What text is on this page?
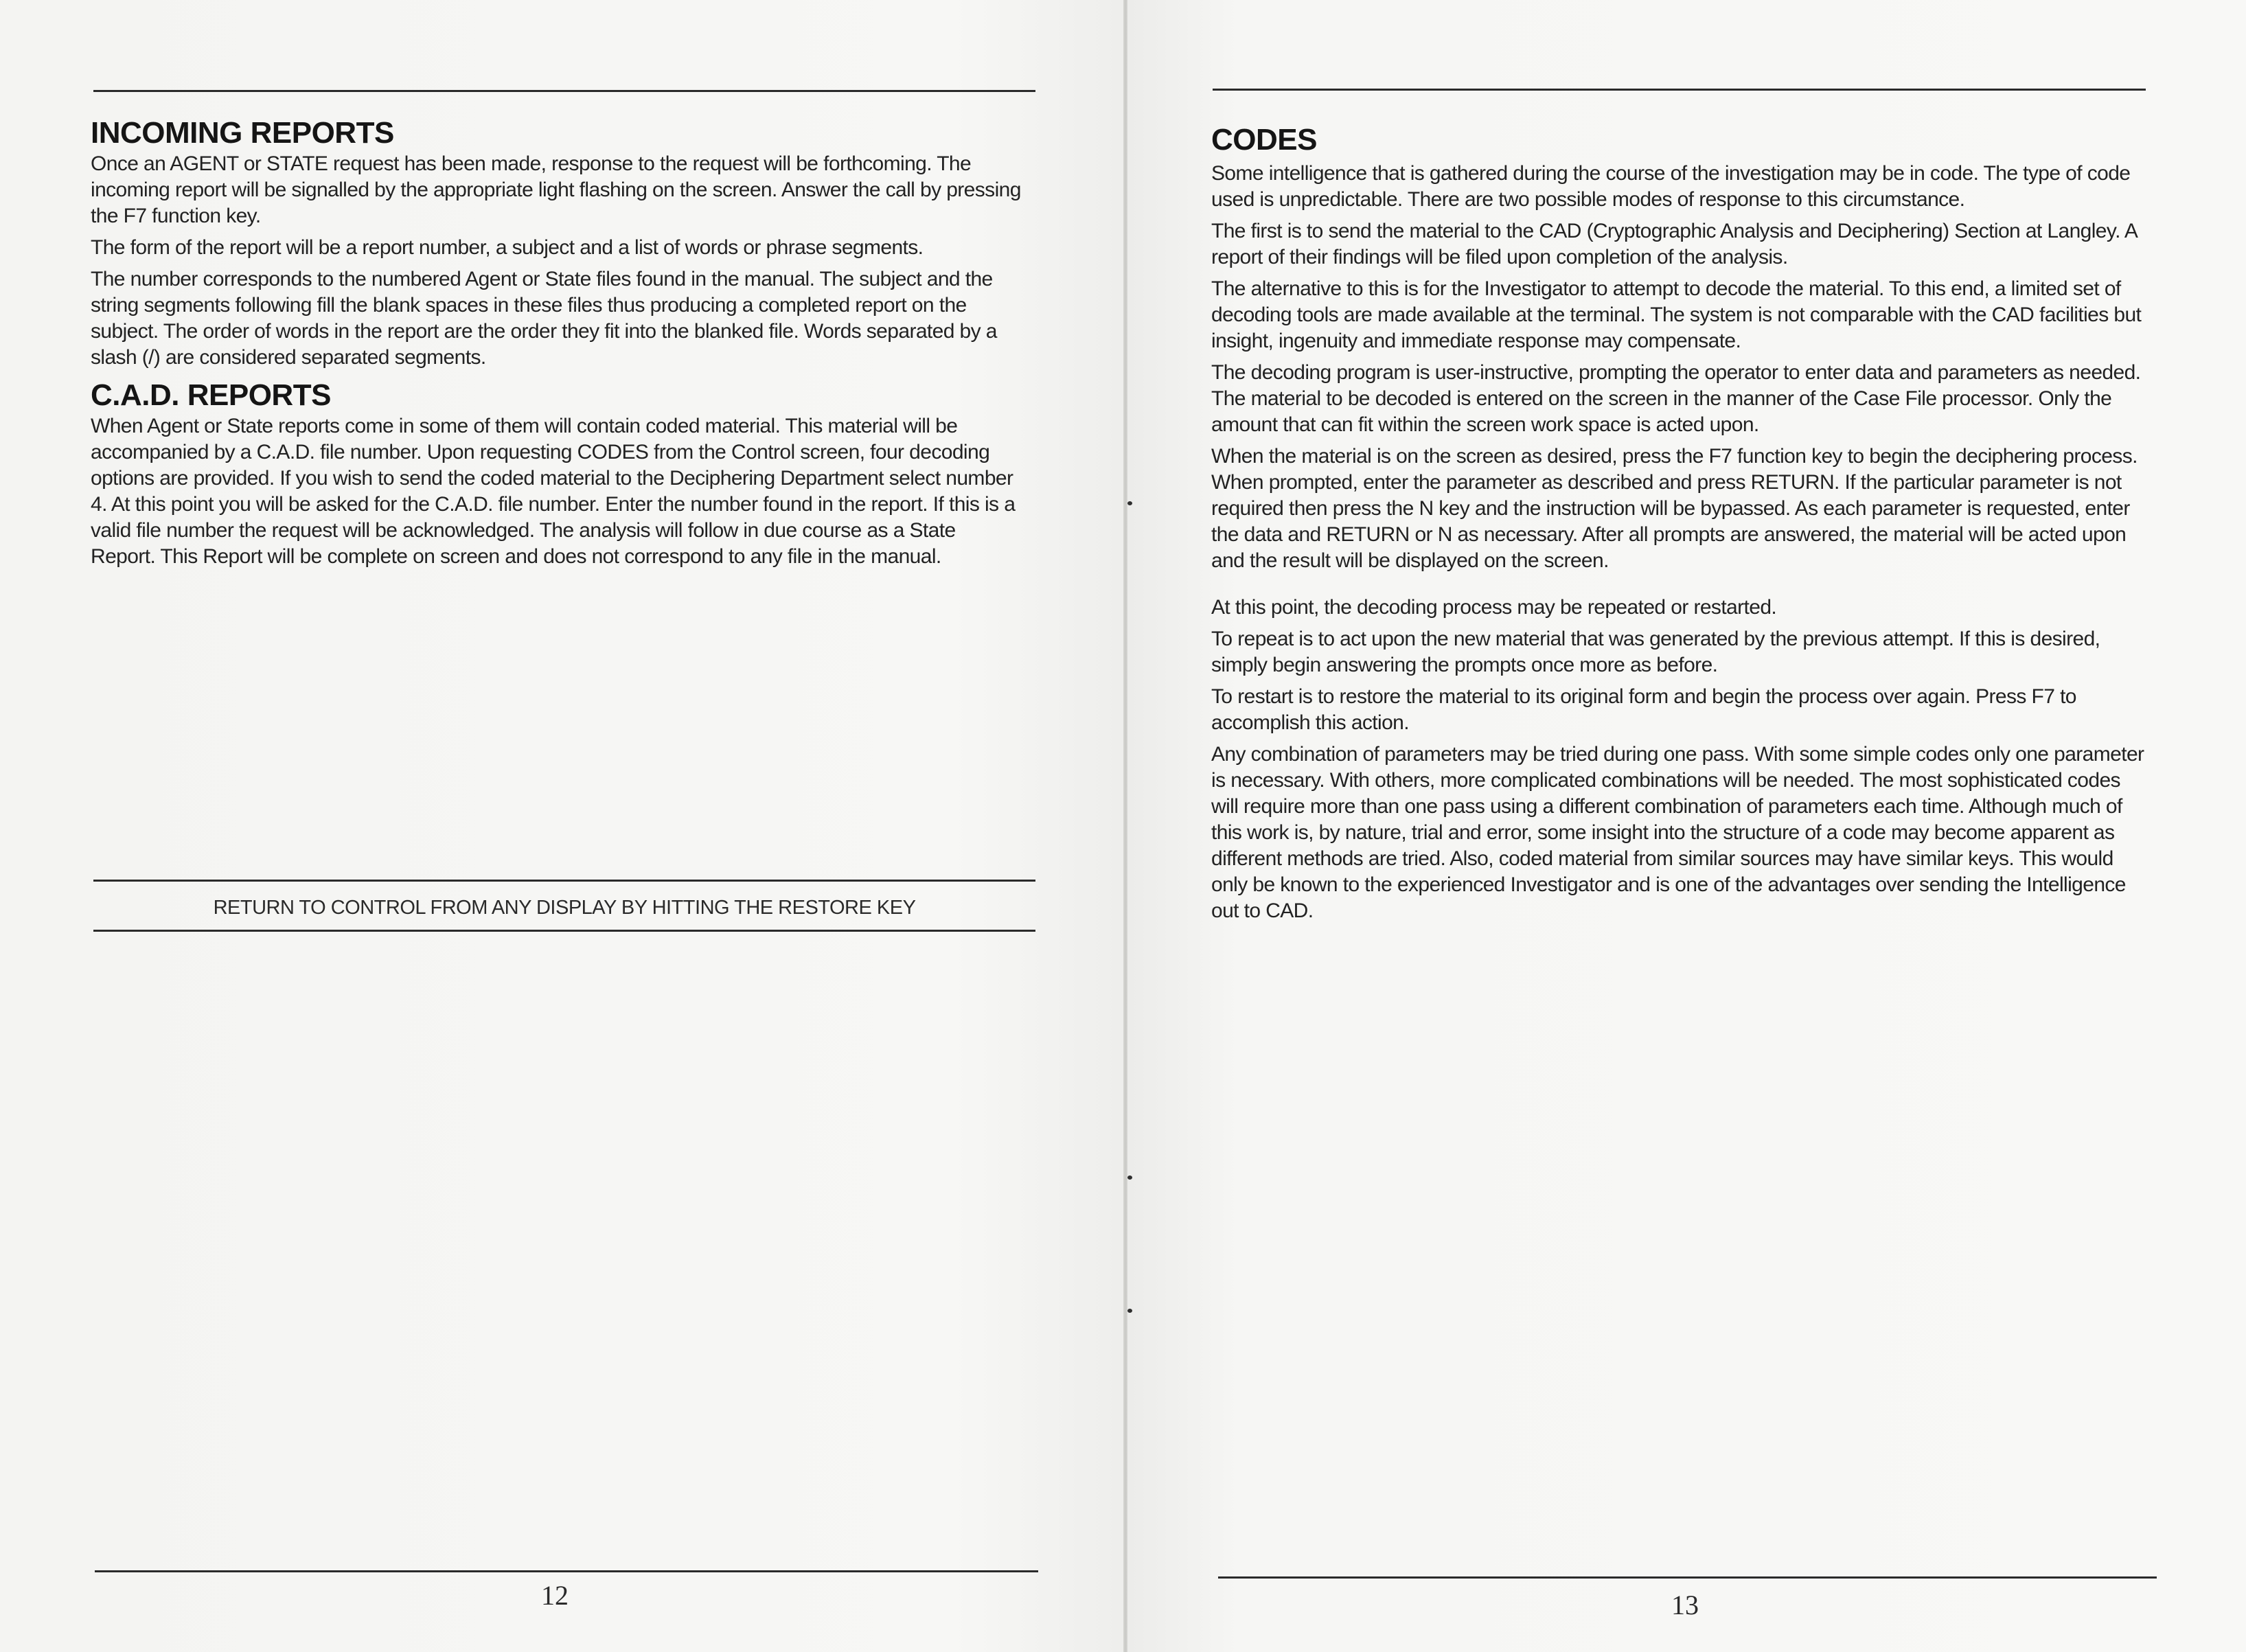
INCOMING REPORTS

Once an AGENT or STATE request has been made, response to the request will be forthcoming. The incoming report will be signalled by the appropriate light flashing on the screen. Answer the call by pressing the F7 function key.

The form of the report will be a report number, a subject and a list of words or phrase segments.

The number corresponds to the numbered Agent or State files found in the manual. The subject and the string segments following fill the blank spaces in these files thus producing a completed report on the subject. The order of words in the report are the order they fit into the blanked file. Words separated by a slash (/) are considered separated segments.

C.A.D. REPORTS

When Agent or State reports come in some of them will contain coded material. This material will be accompanied by a C.A.D. file number. Upon requesting CODES from the Control screen, four decoding options are provided. If you wish to send the coded material to the Deciphering Department select number 4. At this point you will be asked for the C.A.D. file number. Enter the number found in the report. If this is a valid file number the request will be acknowledged. The analysis will follow in due course as a State Report. This Report will be complete on screen and does not correspond to any file in the manual.

RETURN TO CONTROL FROM ANY DISPLAY BY HITTING THE RESTORE KEY
12
CODES

Some intelligence that is gathered during the course of the investigation may be in code. The type of code used is unpredictable. There are two possible modes of response to this circumstance.

The first is to send the material to the CAD (Cryptographic Analysis and Deciphering) Section at Langley. A report of their findings will be filed upon completion of the analysis.

The alternative to this is for the Investigator to attempt to decode the material. To this end, a limited set of decoding tools are made available at the terminal. The system is not comparable with the CAD facilities but insight, ingenuity and immediate response may compensate.

The decoding program is user-instructive, prompting the operator to enter data and parameters as needed. The material to be decoded is entered on the screen in the manner of the Case File processor. Only the amount that can fit within the screen work space is acted upon.

When the material is on the screen as desired, press the F7 function key to begin the deciphering process. When prompted, enter the parameter as described and press RETURN. If the particular parameter is not required then press the N key and the instruction will be bypassed. As each parameter is requested, enter the data and RETURN or N as necessary. After all prompts are answered, the material will be acted upon and the result will be displayed on the screen.

At this point, the decoding process may be repeated or restarted.

To repeat is to act upon the new material that was generated by the previous attempt. If this is desired, simply begin answering the prompts once more as before.

To restart is to restore the material to its original form and begin the process over again. Press F7 to accomplish this action.

Any combination of parameters may be tried during one pass. With some simple codes only one parameter is necessary. With others, more complicated combinations will be needed. The most sophisticated codes will require more than one pass using a different combination of parameters each time. Although much of this work is, by nature, trial and error, some insight into the structure of a code may become apparent as different methods are tried. Also, coded material from similar sources may have similar keys. This would only be known to the experienced Investigator and is one of the advantages over sending the Intelligence out to CAD.

13
